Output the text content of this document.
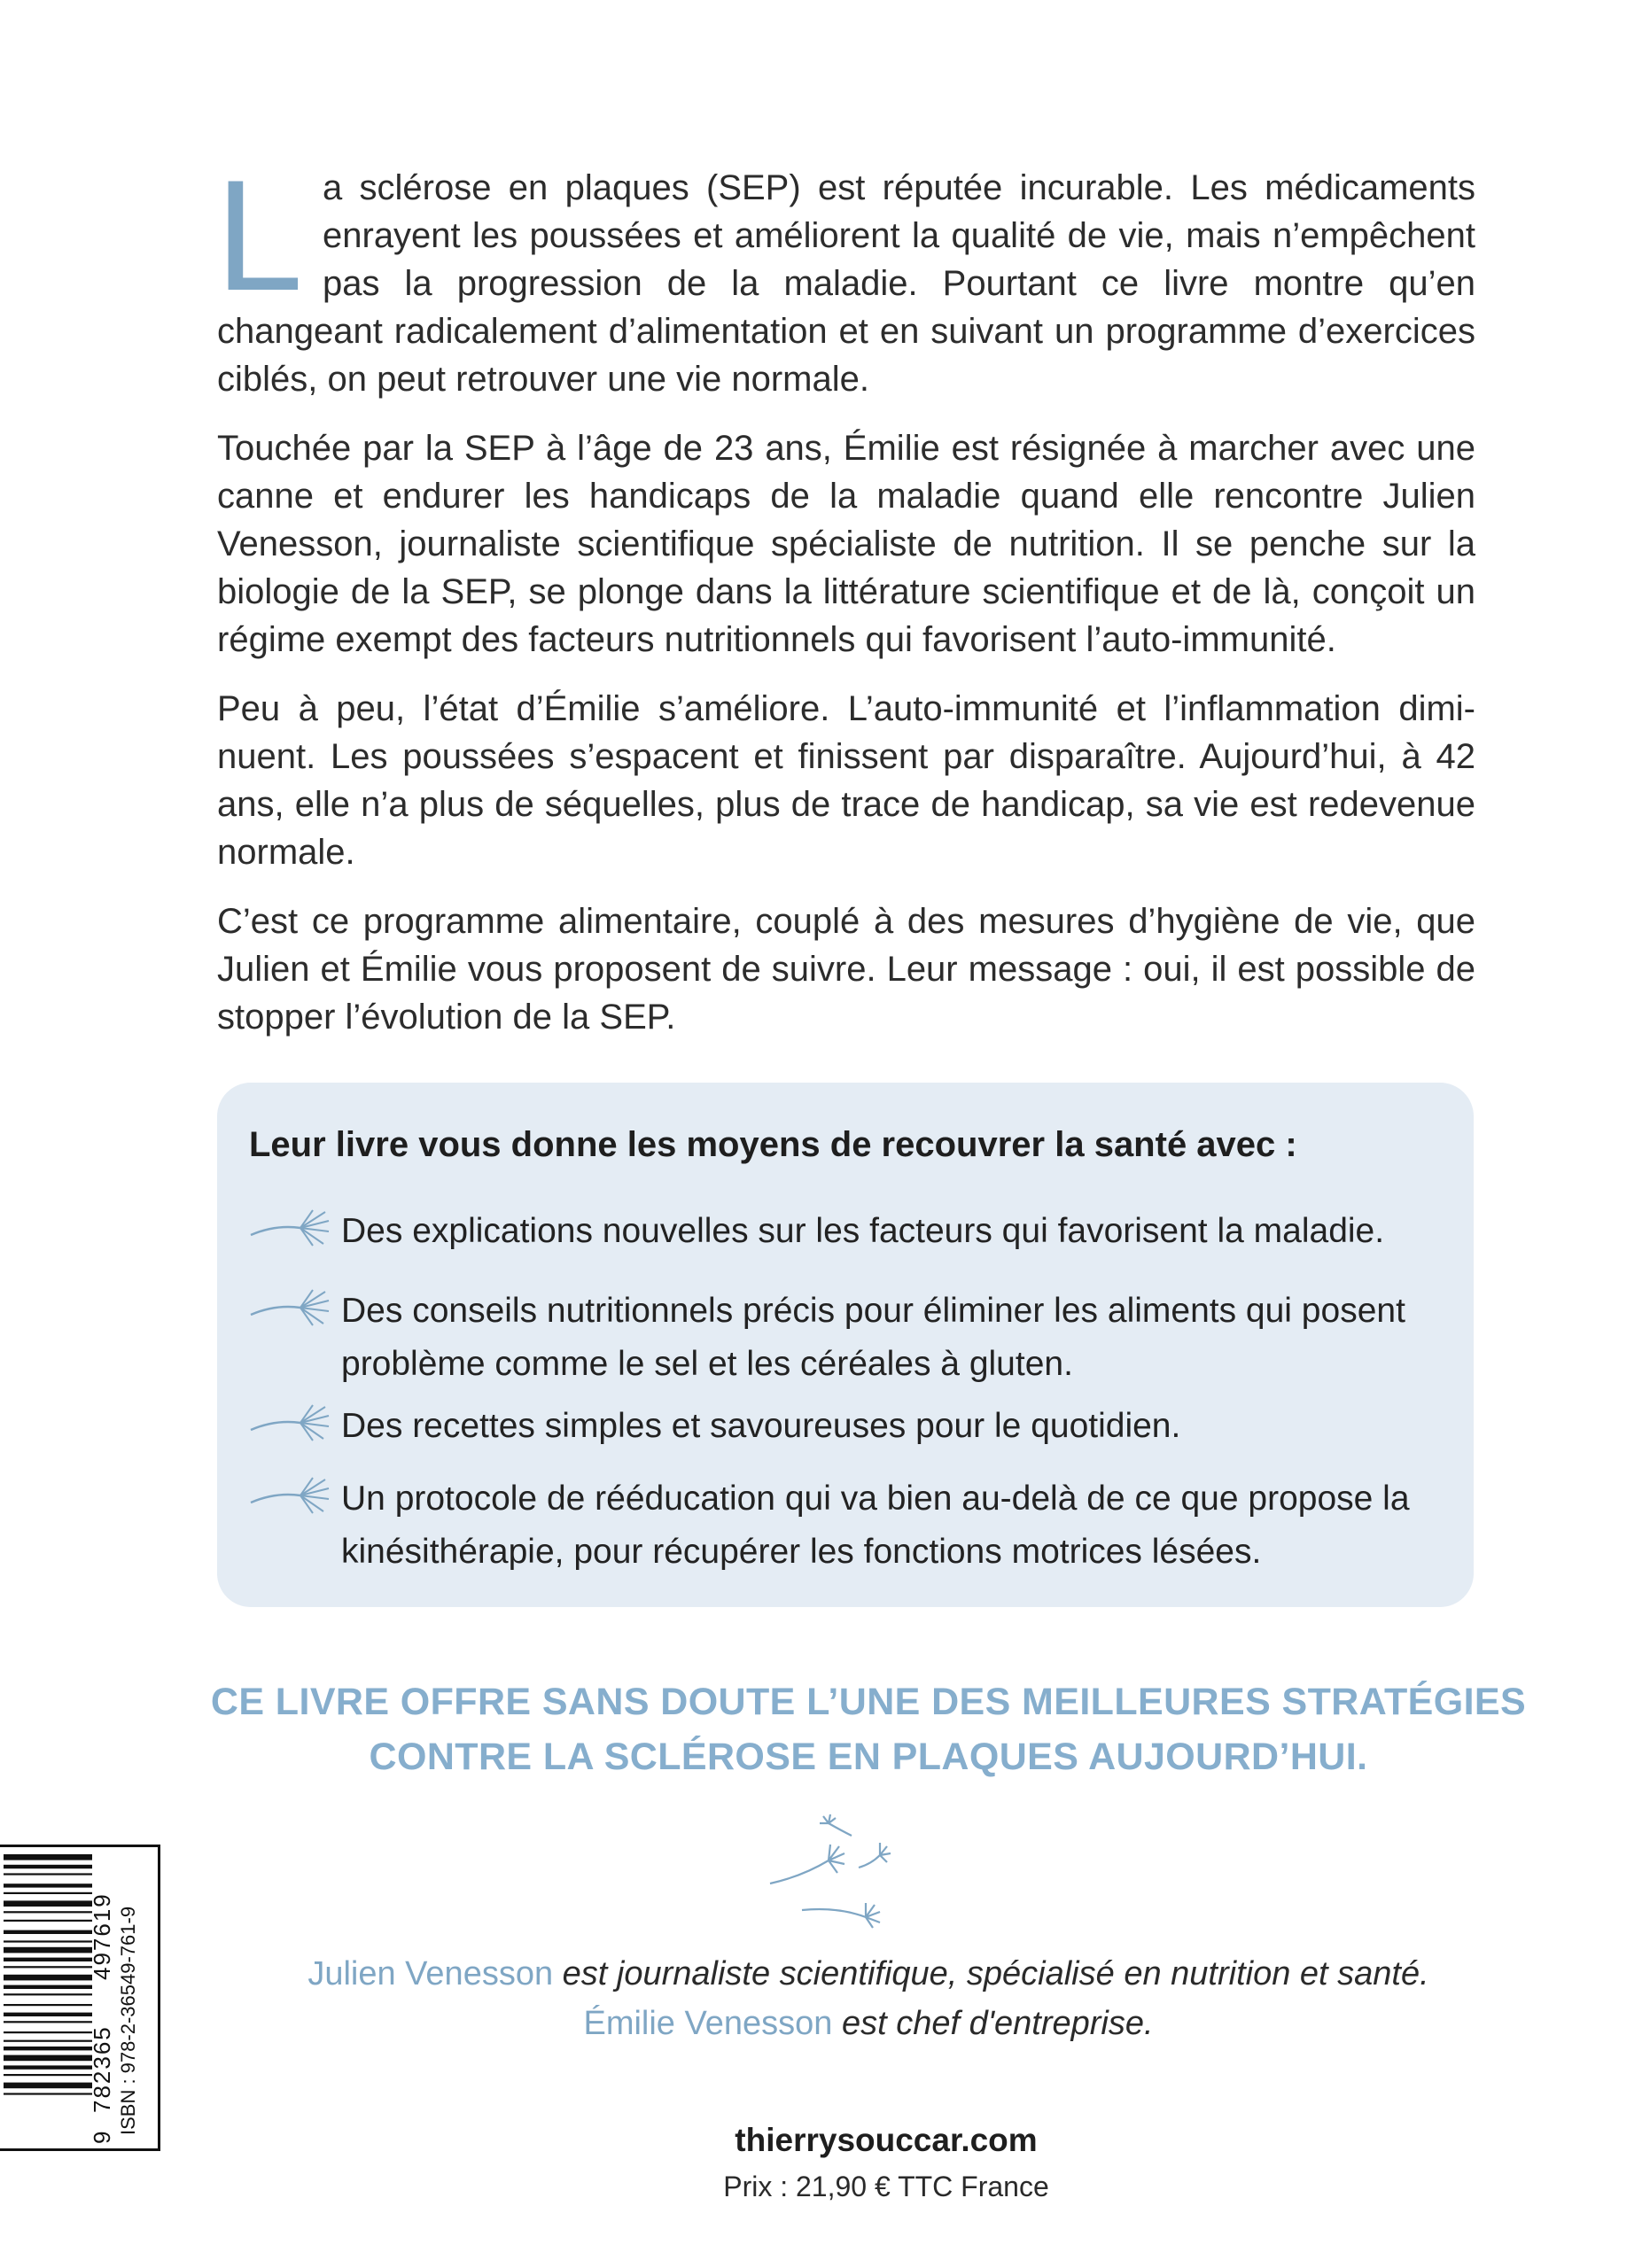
La sclérose en plaques (SEP) est réputée incurable. Les médicaments enrayent les poussées et améliorent la qualité de vie, mais n’empêchent pas la progression de la maladie. Pourtant ce livre montre qu’en changeant radicalement d’alimentation et en suivant un programme d’exercices ciblés, on peut retrouver une vie normale.

Touchée par la SEP à l’âge de 23 ans, Émilie est résignée à marcher avec une canne et endurer les handicaps de la maladie quand elle rencontre Julien Venesson, journaliste scientifique spécialiste de nutrition. Il se penche sur la biologie de la SEP, se plonge dans la littérature scientifique et de là, conçoit un régime exempt des facteurs nutritionnels qui favorisent l’auto-immunité.

Peu à peu, l’état d’Émilie s’améliore. L’auto-immunité et l’inflammation diminuent. Les poussées s’espacent et finissent par disparaître. Aujourd’hui, à 42 ans, elle n’a plus de séquelles, plus de trace de handicap, sa vie est redevenue normale.

C’est ce programme alimentaire, couplé à des mesures d’hygiène de vie, que Julien et Émilie vous proposent de suivre. Leur message : oui, il est possible de stopper l’évolution de la SEP.

Leur livre vous donne les moyens de recouvrer la santé avec :
Des explications nouvelles sur les facteurs qui favorisent la maladie.
Des conseils nutritionnels précis pour éliminer les aliments qui posent problème comme le sel et les céréales à gluten.
Des recettes simples et savoureuses pour le quotidien.
Un protocole de rééducation qui va bien au-delà de ce que propose la kinésithérapie, pour récupérer les fonctions motrices lésées.
CE LIVRE OFFRE SANS DOUTE L’UNE DES MEILLEURES STRATÉGIES
CONTRE LA SCLÉROSE EN PLAQUES AUJOURD’HUI.
Julien Venesson est journaliste scientifique, spécialisé en nutrition et santé.
Émilie Venesson est chef d'entreprise.
thierrysouccar.com
Prix : 21,90 € TTC France
ISBN : 978-2-36549-761-9
9
782365
497619
